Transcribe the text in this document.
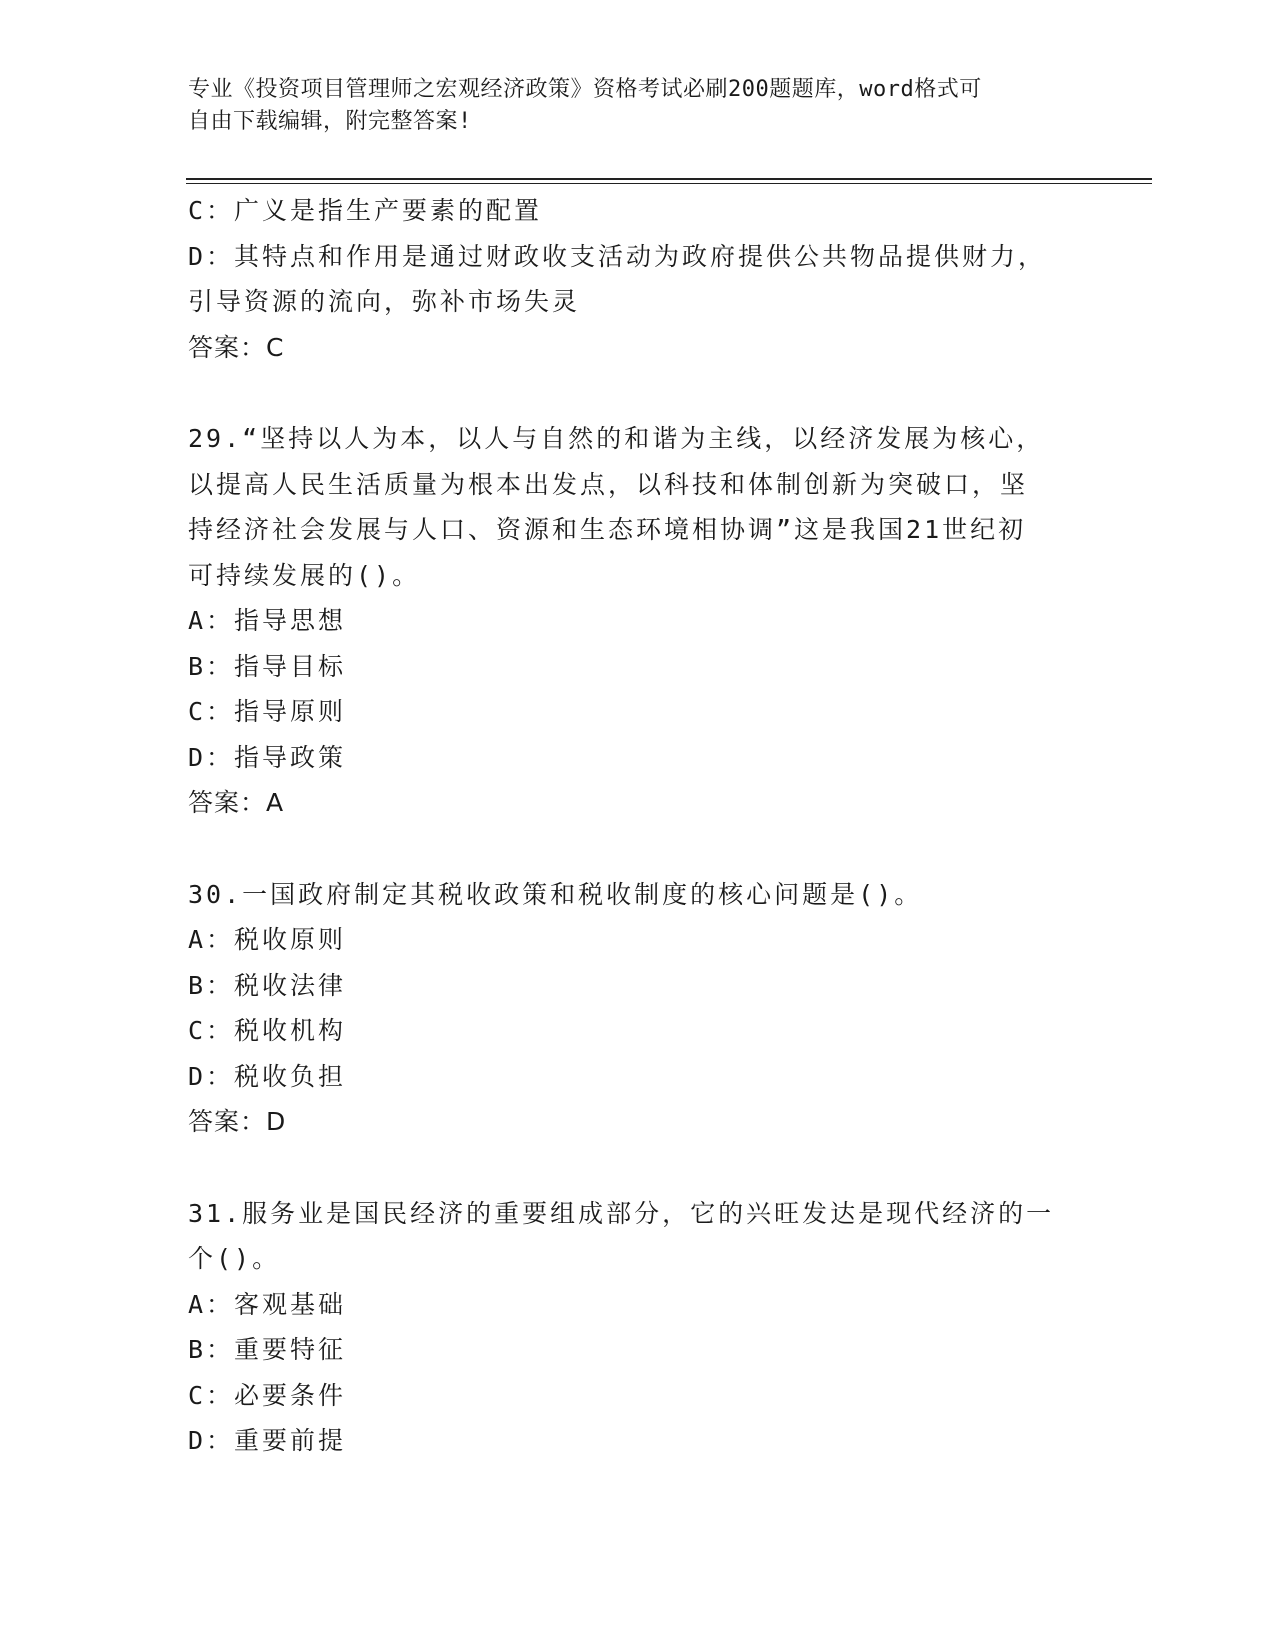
专业《投资项目管理师之宏观经济政策》资格考试必刷200题题库，word格式可
自由下载编辑，附完整答案!
C：广义是指生产要素的配置
D：其特点和作用是通过财政收支活动为政府提供公共物品提供财力，
引导资源的流向，弥补市场失灵
答案：C
29.“坚持以人为本，以人与自然的和谐为主线，以经济发展为核心，
以提高人民生活质量为根本出发点，以科技和体制创新为突破口，坚
持经济社会发展与人口、资源和生态环境相协调”这是我国21世纪初
可持续发展的()。
A：指导思想
B：指导目标
C：指导原则
D：指导政策
答案：A
30.一国政府制定其税收政策和税收制度的核心问题是()。
A：税收原则
B：税收法律
C：税收机构
D：税收负担
答案：D
31.服务业是国民经济的重要组成部分，它的兴旺发达是现代经济的一
个()。
A：客观基础
B：重要特征
C：必要条件
D：重要前提
